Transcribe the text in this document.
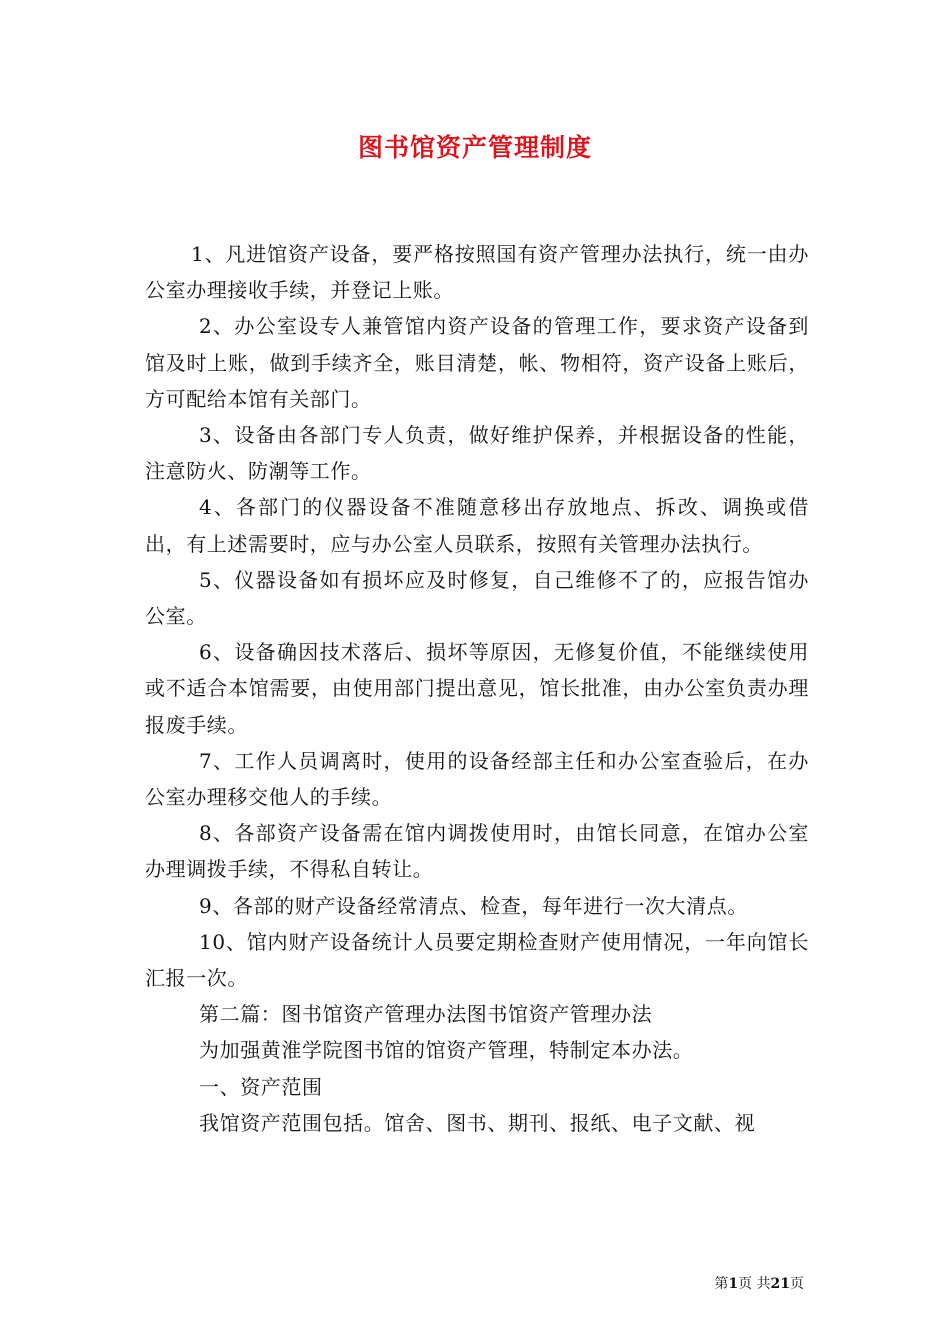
图书馆资产管理制度

1、凡进馆资产设备，要严格按照国有资产管理办法执行，统一由办公室办理接收手续，并登记上账。

2、办公室设专人兼管馆内资产设备的管理工作，要求资产设备到馆及时上账，做到手续齐全，账目清楚，帐、物相符，资产设备上账后，方可配给本馆有关部门。

3、设备由各部门专人负责，做好维护保养，并根据设备的性能，注意防火、防潮等工作。

4、各部门的仪器设备不准随意移出存放地点、拆改、调换或借出，有上述需要时，应与办公室人员联系，按照有关管理办法执行。

5、仪器设备如有损坏应及时修复，自己维修不了的，应报告馆办公室。

6、设备确因技术落后、损坏等原因，无修复价值，不能继续使用或不适合本馆需要，由使用部门提出意见，馆长批准，由办公室负责办理报废手续。

7、工作人员调离时，使用的设备经部主任和办公室查验后，在办公室办理移交他人的手续。

8、各部资产设备需在馆内调拨使用时，由馆长同意，在馆办公室办理调拨手续，不得私自转让。

9、各部的财产设备经常清点、检查，每年进行一次大清点。

10、馆内财产设备统计人员要定期检查财产使用情况，一年向馆长汇报一次。

第二篇：图书馆资产管理办法图书馆资产管理办法

为加强黄淮学院图书馆的馆资产管理，特制定本办法。

一、资产范围

我馆资产范围包括。馆舍、图书、期刊、报纸、电子文献、视

第1页 共21页
